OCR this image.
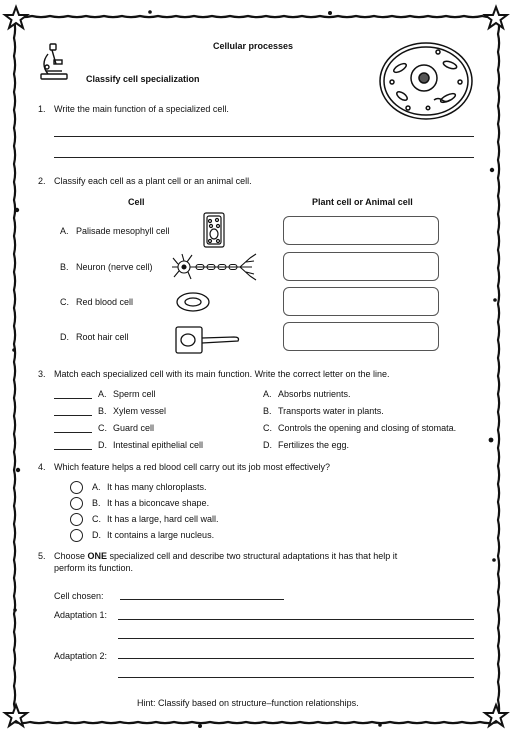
Cellular processes
Classify cell specialization
1. Write the main function of a specialized cell.
2. Classify each cell as a plant cell or an animal cell.
Cell	Plant cell or Animal cell
A. Palisade mesophyll cell
B. Neuron (nerve cell)
C. Red blood cell
D. Root hair cell
3. Match each specialized cell with its main function. Write the correct letter on the line.
A. Sperm cell
B. Xylem vessel
C. Guard cell
D. Intestinal epithelial cell
A. Absorbs nutrients.
B. Transports water in plants.
C. Controls the opening and closing of stomata.
D. Fertilizes the egg.
4. Which feature helps a red blood cell carry out its job most effectively?
A. It has many chloroplasts.
B. It has a biconcave shape.
C. It has a large, hard cell wall.
D. It contains a large nucleus.
5. Choose ONE specialized cell and describe two structural adaptations it has that help it
perform its function.
Cell chosen:
Adaptation 1:
Adaptation 2:
Hint: Classify based on structure–function relationships.
